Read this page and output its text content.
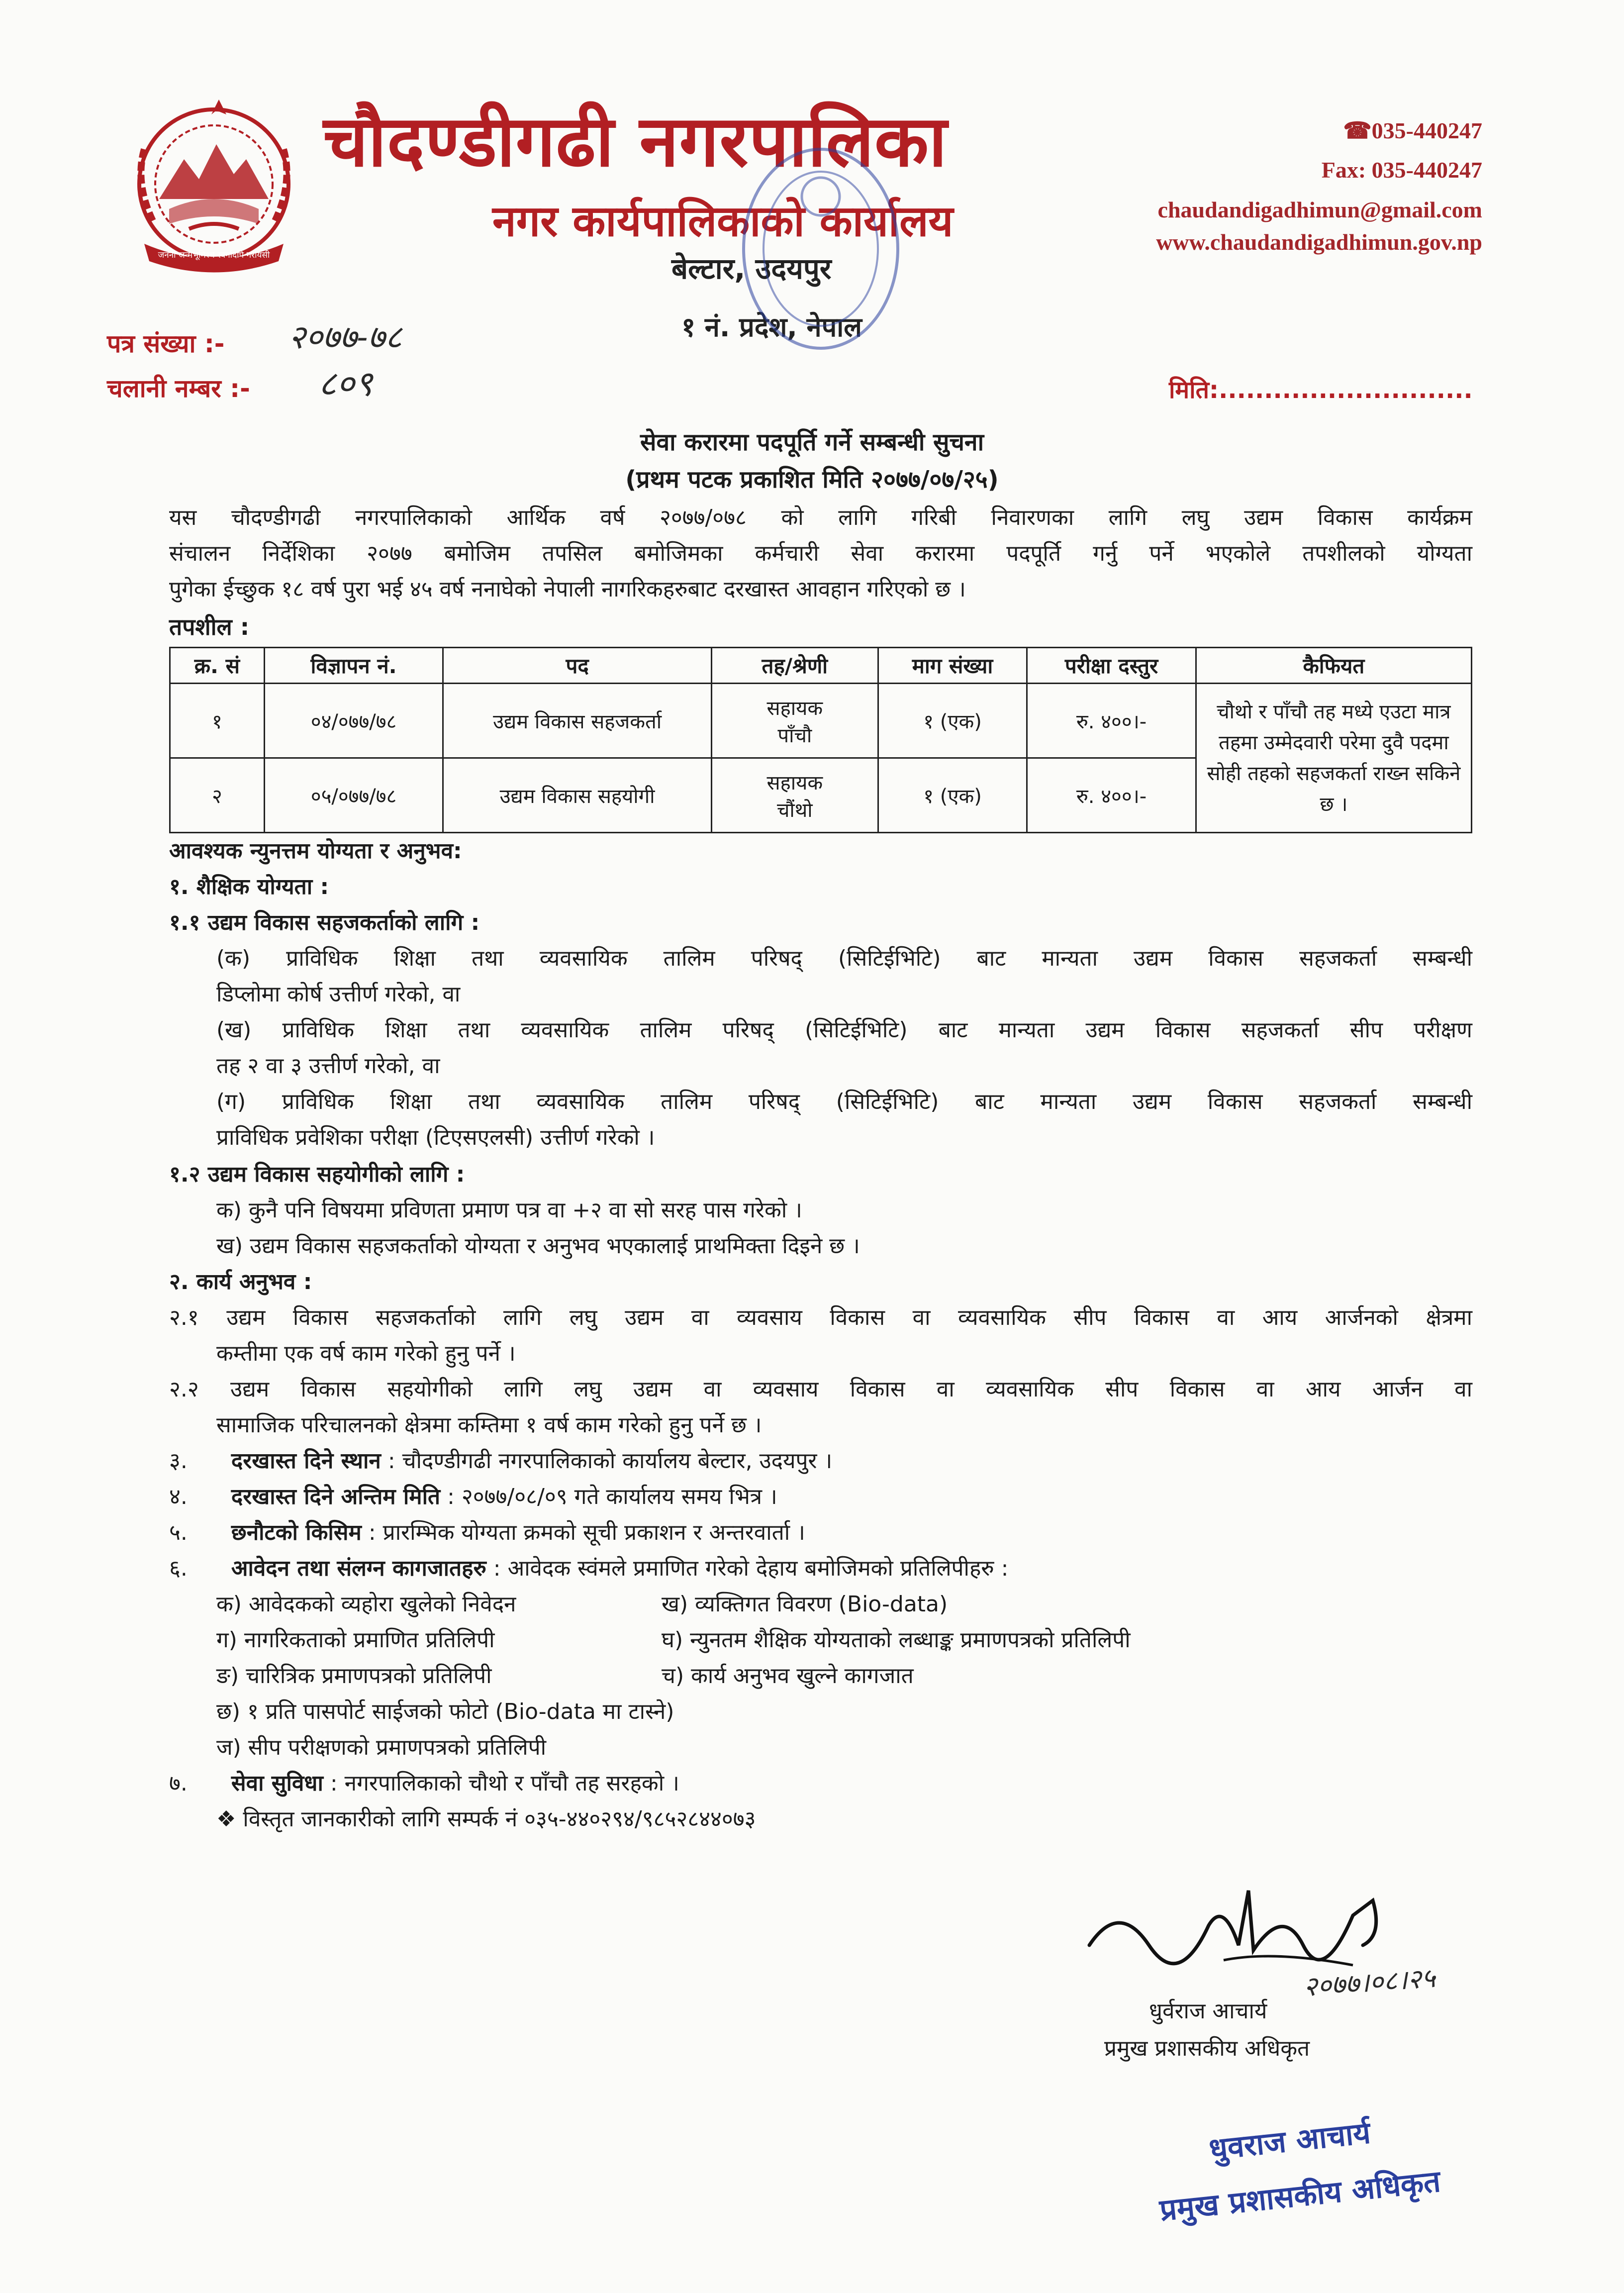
जननी जन्मभूमिश्च स्वर्गादपि गरीयसी
चौदण्डीगढी नगरपालिका
नगर कार्यपालिकाको कार्यालय
बेल्टार, उदयपुर
१ नं. प्रदेश, नेपाल
☎035-440247
Fax: 035-440247
chaudandigadhimun@gmail.com
www.chaudandigadhimun.gov.np
पत्र संख्या :- २०७७-७८
चलानी नम्बर :- ८०९	मिति:............................
सेवा करारमा पदपूर्ति गर्ने सम्बन्धी सुचना
(प्रथम पटक प्रकाशित मिति २०७७/०७/२५)
यस चौदण्डीगढी नगरपालिकाको आर्थिक वर्ष २०७७/०७८ को लागि गरिबी निवारणका लागि लघु उद्यम विकास कार्यक्रम
संचालन निर्देशिका २०७७ बमोजिम तपसिल बमोजिमका कर्मचारी सेवा करारमा पदपूर्ति गर्नु पर्ने भएकोले तपशीलको योग्यता
पुगेका ईच्छुक १८ वर्ष पुरा भई ४५ वर्ष ननाघेको नेपाली नागरिकहरुबाट दरखास्त आवहान गरिएको छ ।
तपशील :
क्र. सं	विज्ञापन नं.	पद	तह/श्रेणी	माग संख्या	परीक्षा दस्तुर	कैफियत
१	०४/०७७/७८	उद्यम विकास सहजकर्ता	सहायक पाँचौ	१ (एक)	रु. ४००।-	चौथो र पाँचौ तह मध्ये एउटा मात्र तहमा उम्मेदवारी परेमा दुवै पदमा सोही तहको सहजकर्ता राख्न सकिने छ ।
२	०५/०७७/७८	उद्यम विकास सहयोगी	सहायक चौंथो	१ (एक)	रु. ४००।-	
आवश्यक न्युनत्तम योग्यता र अनुभव:
१. शैक्षिक योग्यता :
१.१ उद्यम विकास सहजकर्ताको लागि :
(क) प्राविधिक शिक्षा तथा व्यवसायिक तालिम परिषद् (सिटिईभिटि) बाट मान्यता उद्यम विकास सहजकर्ता सम्बन्धी
डिप्लोमा कोर्ष उत्तीर्ण गरेको, वा
(ख) प्राविधिक शिक्षा तथा व्यवसायिक तालिम परिषद् (सिटिईभिटि) बाट मान्यता उद्यम विकास सहजकर्ता सीप परीक्षण
तह २ वा ३ उत्तीर्ण गरेको, वा
(ग) प्राविधिक शिक्षा तथा व्यवसायिक तालिम परिषद् (सिटिईभिटि) बाट मान्यता उद्यम विकास सहजकर्ता सम्बन्धी
प्राविधिक प्रवेशिका परीक्षा (टिएसएलसी) उत्तीर्ण गरेको ।
१.२ उद्यम विकास सहयोगीको लागि :
क) कुनै पनि विषयमा प्रविणता प्रमाण पत्र वा +२ वा सो सरह पास गरेको ।
ख) उद्यम विकास सहजकर्ताको योग्यता र अनुभव भएकालाई प्राथमिक्ता दिइने छ ।
२. कार्य अनुभव :
२.१ उद्यम विकास सहजकर्ताको लागि लघु उद्यम वा व्यवसाय विकास वा व्यवसायिक सीप विकास वा आय आर्जनको क्षेत्रमा
कम्तीमा एक वर्ष काम गरेको हुनु पर्ने ।
२.२ उद्यम विकास सहयोगीको लागि लघु उद्यम वा व्यवसाय विकास वा व्यवसायिक सीप विकास वा आय आर्जन वा
सामाजिक परिचालनको क्षेत्रमा कम्तिमा १ वर्ष काम गरेको हुनु पर्ने छ ।
३. दरखास्त दिने स्थान : चौदण्डीगढी नगरपालिकाको कार्यालय बेल्टार, उदयपुर ।
४. दरखास्त दिने अन्तिम मिति : २०७७/०८/०९ गते कार्यालय समय भित्र ।
५. छनौटको किसिम : प्रारम्भिक योग्यता क्रमको सूची प्रकाशन र अन्तरवार्ता ।
६. आवेदन तथा संलग्न कागजातहरु : आवेदक स्वंमले प्रमाणित गरेको देहाय बमोजिमको प्रतिलिपीहरु :
क) आवेदकको व्यहोरा खुलेको निवेदन	ख) व्यक्तिगत विवरण (Bio-data)
ग) नागरिकताको प्रमाणित प्रतिलिपी	घ) न्युनतम शैक्षिक योग्यताको लब्धाङ्क प्रमाणपत्रको प्रतिलिपी
ङ) चारित्रिक प्रमाणपत्रको प्रतिलिपी	च) कार्य अनुभव खुल्ने कागजात
छ) १ प्रति पासपोर्ट साईजको फोटो (Bio-data मा टास्ने)
ज) सीप परीक्षणको प्रमाणपत्रको प्रतिलिपी
७. सेवा सुविधा : नगरपालिकाको चौथो र पाँचौ तह सरहको ।
❖ विस्तृत जानकारीको लागि सम्पर्क नं ०३५-४४०२९४/९८५२८४४०७३
२०७७।०८।२५
धुर्वराज आचार्य
प्रमुख प्रशासकीय अधिकृत
धुवराज आचार्य
प्रमुख प्रशासकीय अधिकृत
